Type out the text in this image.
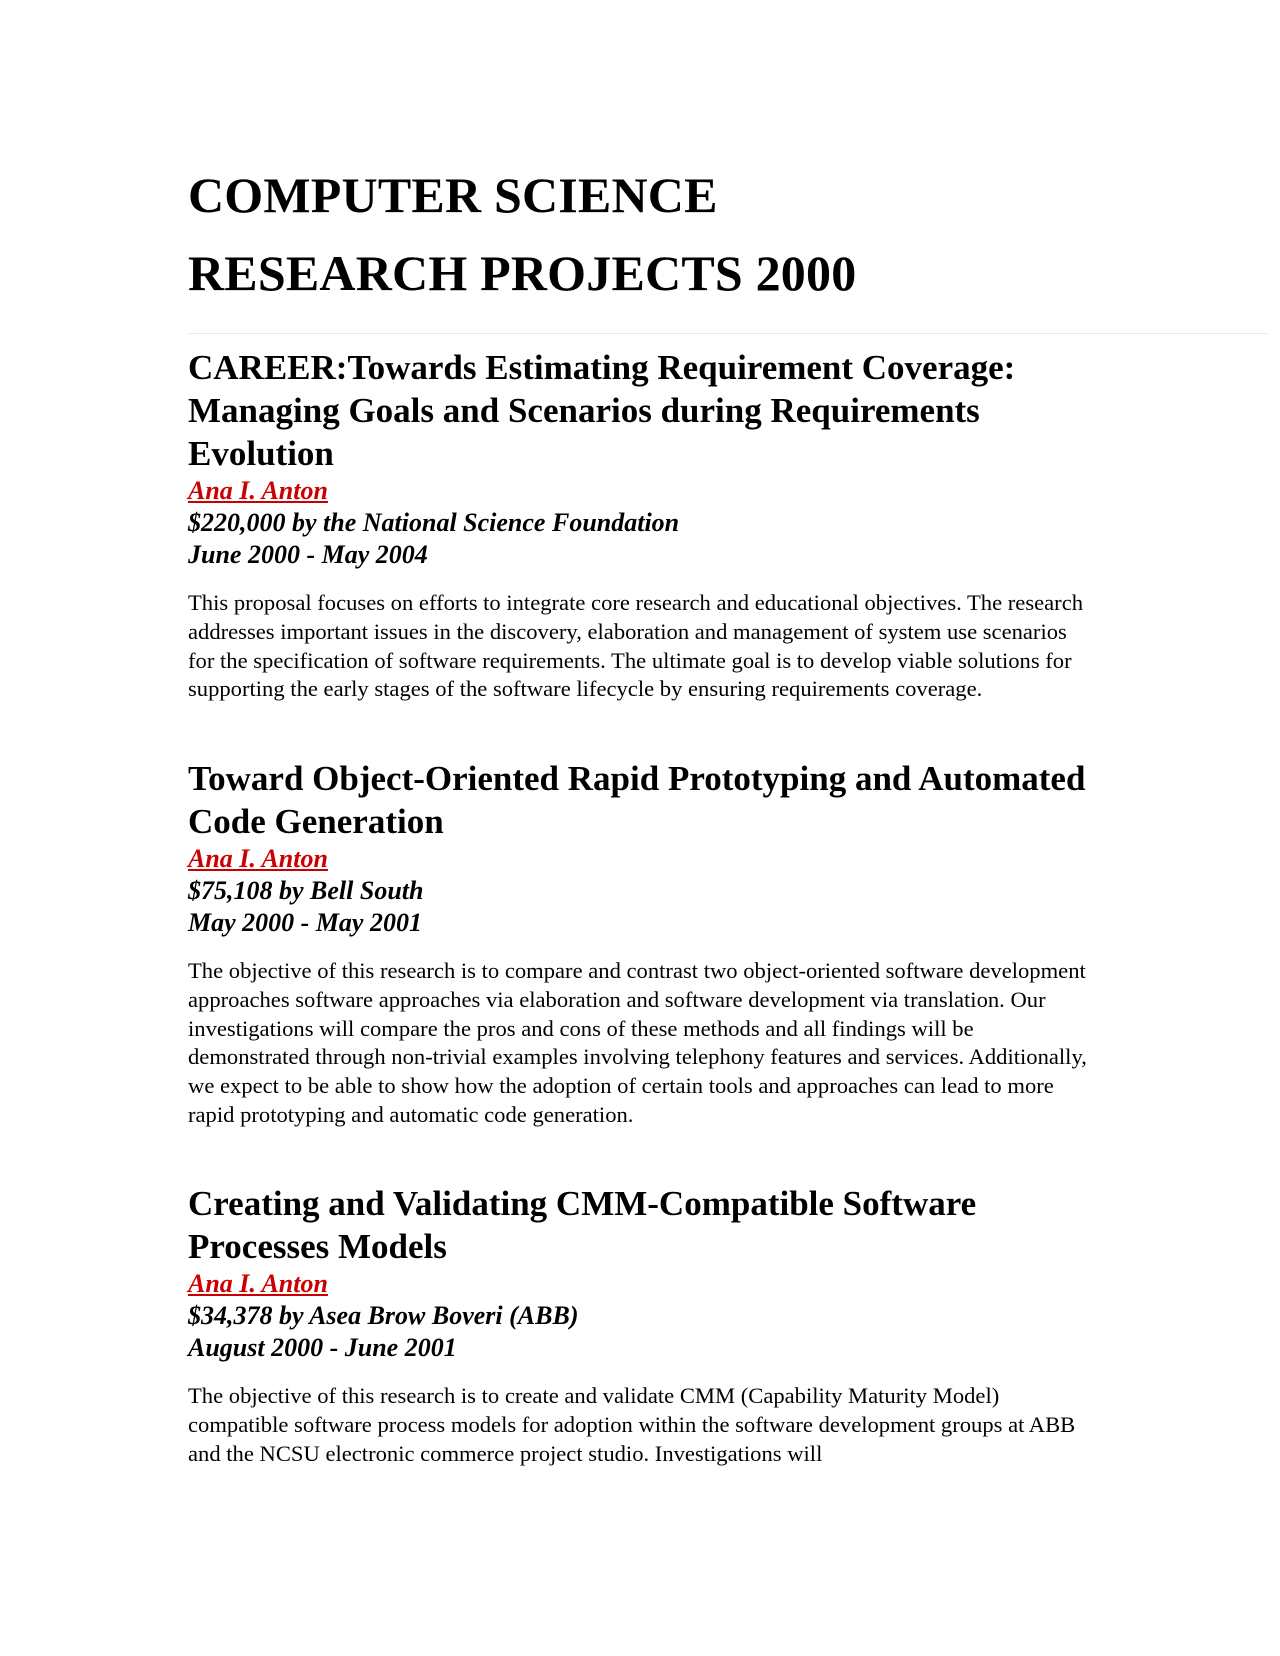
COMPUTER SCIENCE
RESEARCH PROJECTS 2000
CAREER:Towards Estimating Requirement Coverage: Managing Goals and Scenarios during Requirements Evolution
Ana I. Anton
$220,000 by the National Science Foundation
June 2000 - May 2004

This proposal focuses on efforts to integrate core research and educational objectives. The research addresses important issues in the discovery, elaboration and management of system use scenarios for the specification of software requirements. The ultimate goal is to develop viable solutions for supporting the early stages of the software lifecycle by ensuring requirements coverage.

Toward Object-Oriented Rapid Prototyping and Automated Code Generation
Ana I. Anton
$75,108 by Bell South
May 2000 - May 2001

The objective of this research is to compare and contrast two object-oriented software development approaches software approaches via elaboration and software development via translation. Our investigations will compare the pros and cons of these methods and all findings will be demonstrated through non-trivial examples involving telephony features and services. Additionally, we expect to be able to show how the adoption of certain tools and approaches can lead to more rapid prototyping and automatic code generation.

Creating and Validating CMM-Compatible Software Processes Models
Ana I. Anton
$34,378 by Asea Brow Boveri (ABB)
August 2000 - June 2001

The objective of this research is to create and validate CMM (Capability Maturity Model) compatible software process models for adoption within the software development groups at ABB and the NCSU electronic commerce project studio. Investigations will
